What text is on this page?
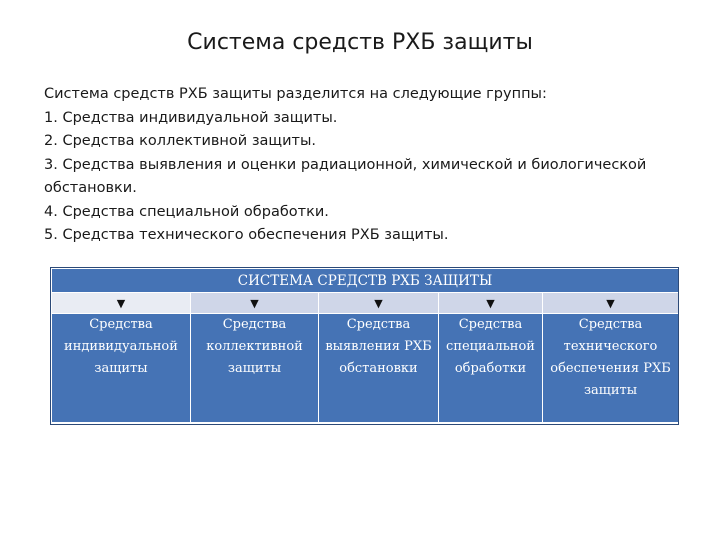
Система средств РХБ защиты

Система средств РХБ защиты разделится на следующие группы:

1. Средства индивидуальной защиты.

2. Средства коллективной защиты.

3. Средства выявления и оценки радиационной, химической и биологической обстановки.

4. Средства специальной обработки.

5. Средства технического обеспечения РХБ защиты.

СИСТЕМА СРЕДСТВ РХБ ЗАЩИТЫ				
▼	▼	▼	▼	▼

Средства индивидуальной защиты	Средства коллективной защиты	Средства выявления РХБ обстановки	Средства специальной обработки	Средства технического обеспечения РХБ защиты
